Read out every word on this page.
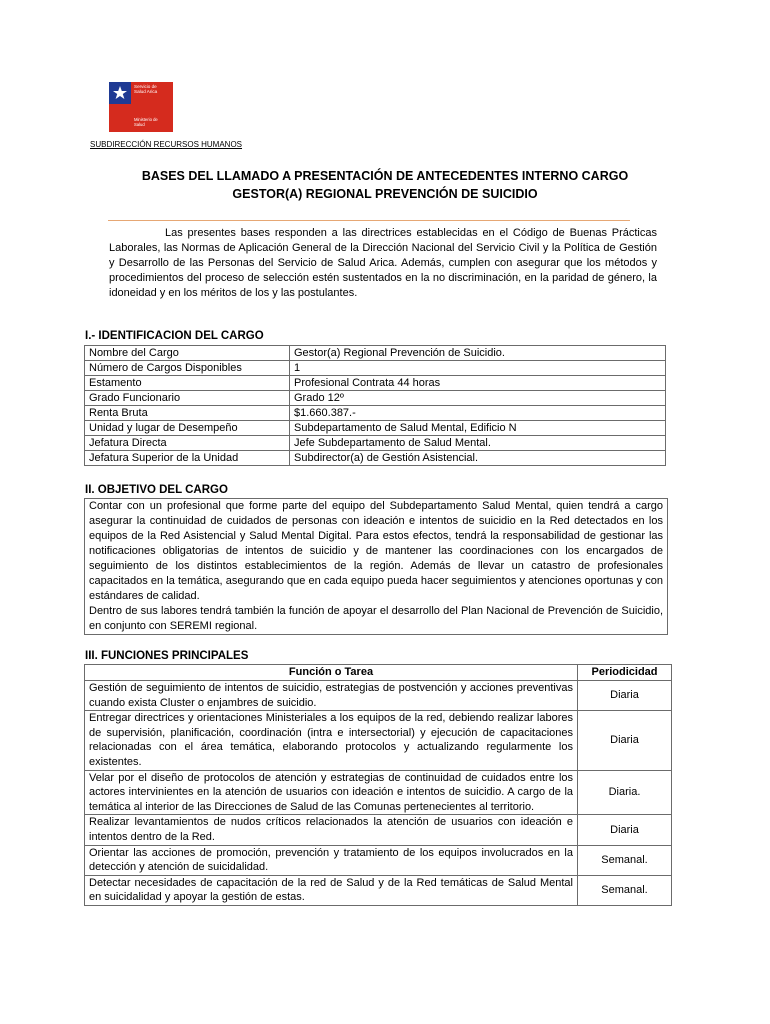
Servicio de
Salud Arica
Ministerio de
Salud
SUBDIRECCIÓN RECURSOS HUMANOS
BASES DEL LLAMADO A PRESENTACIÓN DE ANTECEDENTES INTERNO CARGO
GESTOR(A) REGIONAL PREVENCIÓN DE SUICIDIO
Las presentes bases responden a las directrices establecidas en el Código de Buenas Prácticas Laborales, las Normas de Aplicación General de la Dirección Nacional del Servicio Civil y la Política de Gestión y Desarrollo de las Personas del Servicio de Salud Arica. Además, cumplen con asegurar que los métodos y procedimientos del proceso de selección estén sustentados en la no discriminación, en la paridad de género, la idoneidad y en los méritos de los y las postulantes.
I.- IDENTIFICACION DEL CARGO
Nombre del Cargo	Gestor(a) Regional Prevención de Suicidio.
Número de Cargos Disponibles	1
Estamento	Profesional Contrata 44 horas
Grado Funcionario	Grado 12º
Renta Bruta	$1.660.387.-
Unidad y lugar de Desempeño	Subdepartamento de Salud Mental, Edificio N
Jefatura Directa	Jefe Subdepartamento de Salud Mental.
Jefatura Superior de la Unidad	Subdirector(a) de Gestión Asistencial.
II. OBJETIVO DEL CARGO
Contar con un profesional que forme parte del equipo del Subdepartamento Salud Mental, quien tendrá a cargo asegurar la continuidad de cuidados de personas con ideación e intentos de suicidio en la Red detectados en los equipos de la Red Asistencial y Salud Mental Digital. Para estos efectos, tendrá la responsabilidad de gestionar las notificaciones obligatorias de intentos de suicidio y de mantener las coordinaciones con los encargados de seguimiento de los distintos establecimientos de la región. Además de llevar un catastro de profesionales capacitados en la temática, asegurando que en cada equipo pueda hacer seguimientos y atenciones oportunas y con estándares de calidad.
Dentro de sus labores tendrá también la función de apoyar el desarrollo del Plan Nacional de Prevención de Suicidio, en conjunto con SEREMI regional.
III. FUNCIONES PRINCIPALES
Función o Tarea	Periodicidad
Gestión de seguimiento de intentos de suicidio, estrategias de postvención y acciones preventivas cuando exista Cluster o enjambres de suicidio.	Diaria
Entregar directrices y orientaciones Ministeriales a los equipos de la red, debiendo realizar labores de supervisión, planificación, coordinación (intra e intersectorial) y ejecución de capacitaciones relacionadas con el área temática, elaborando protocolos y actualizando regularmente los existentes.	Diaria
Velar por el diseño de protocolos de atención y estrategias de continuidad de cuidados entre los actores intervinientes en la atención de usuarios con ideación e intentos de suicidio. A cargo de la temática al interior de las Direcciones de Salud de las Comunas pertenecientes al territorio.	Diaria.
Realizar levantamientos de nudos críticos relacionados la atención de usuarios con ideación e intentos dentro de la Red.	Diaria
Orientar las acciones de promoción, prevención y tratamiento de los equipos involucrados en la detección y atención de suicidalidad.	Semanal.
Detectar necesidades de capacitación de la red de Salud y de la Red temáticas de Salud Mental en suicidalidad y apoyar la gestión de estas.	Semanal.
